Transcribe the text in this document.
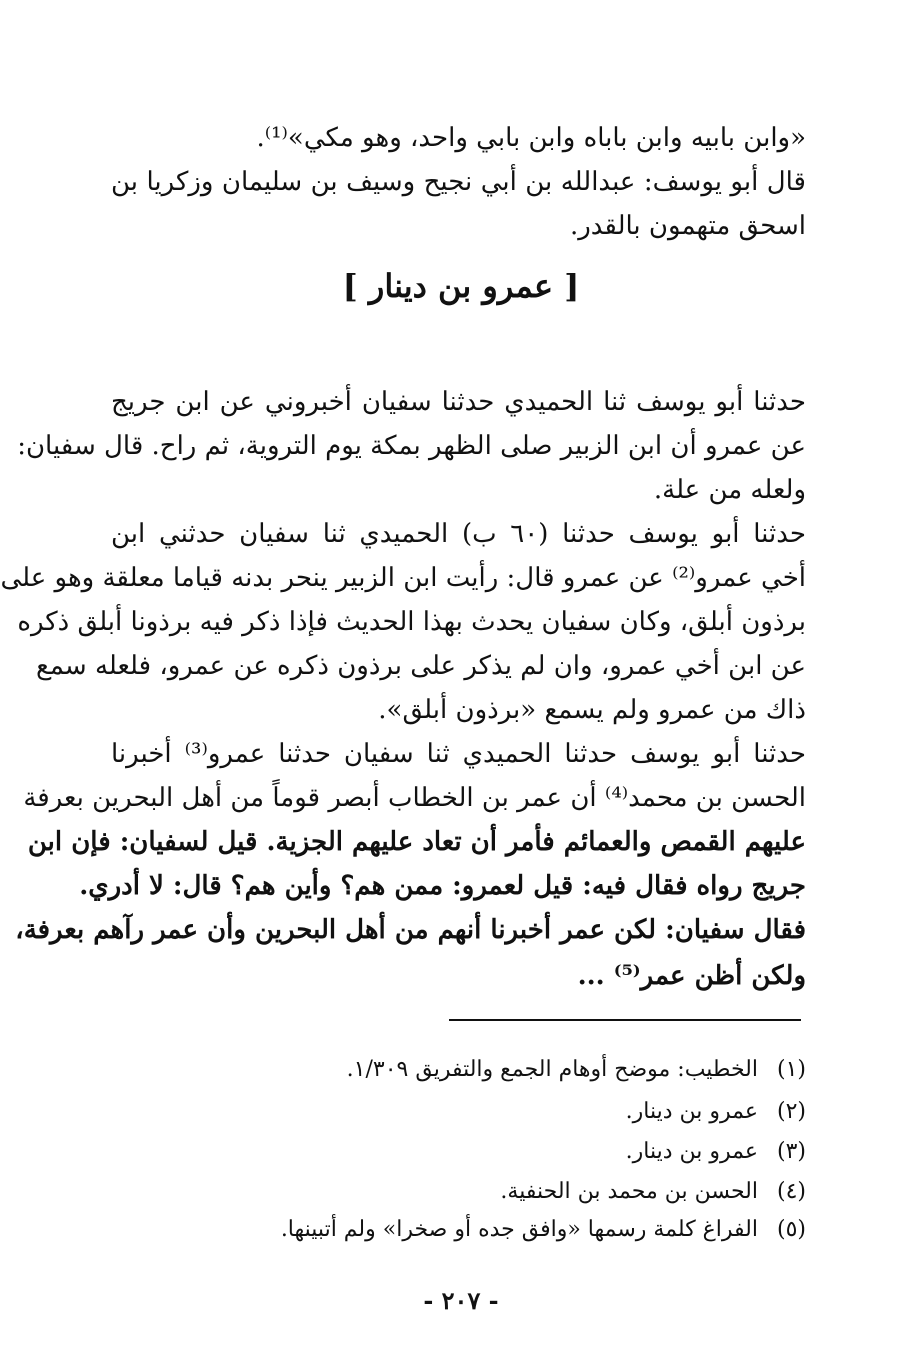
«وابن بابيه وابن باباه وابن بابي واحد، وهو مكي»⁽¹⁾.
قال أبو يوسف: عبدالله بن أبي نجيح وسيف بن سليمان وزكريا بن
اسحق متهمون بالقدر.
[ عمرو بن دينار ]
حدثنا أبو يوسف ثنا الحميدي حدثنا سفيان أخبروني عن ابن جريج
عن عمرو أن ابن الزبير صلى الظهر بمكة يوم التروية، ثم راح. قال سفيان:
ولعله من علة.
حدثنا أبو يوسف حدثنا (٦٠ ب) الحميدي ثنا سفيان حدثني ابن
أخي عمرو⁽²⁾ عن عمرو قال: رأيت ابن الزبير ينحر بدنه قياما معلقة وهو على
برذون أبلق، وكان سفيان يحدث بهذا الحديث فإذا ذكر فيه برذونا أبلق ذكره
عن ابن أخي عمرو، وان لم يذكر على برذون ذكره عن عمرو، فلعله سمع
ذاك من عمرو ولم يسمع «برذون أبلق».
حدثنا أبو يوسف حدثنا الحميدي ثنا سفيان حدثنا عمرو⁽³⁾ أخبرنا
الحسن بن محمد⁽⁴⁾ أن عمر بن الخطاب أبصر قوماً من أهل البحرين بعرفة
عليهم القمص والعمائم فأمر أن تعاد عليهم الجزية. قيل لسفيان: فإن ابن
جريج رواه فقال فيه: قيل لعمرو: ممن هم؟ وأين هم؟ قال: لا أدري.
فقال سفيان: لكن عمر أخبرنا أنهم من أهل البحرين وأن عمر رآهم بعرفة،
ولكن أظن عمر⁽⁵⁾ ...
(١)الخطيب: موضح أوهام الجمع والتفريق ١/٣٠٩.
(٢)عمرو بن دينار.
(٣)عمرو بن دينار.
(٤)الحسن بن محمد بن الحنفية.
(٥)الفراغ كلمة رسمها «وافق جده أو صخرا» ولم أتبينها.
- ٢٠٧ -
